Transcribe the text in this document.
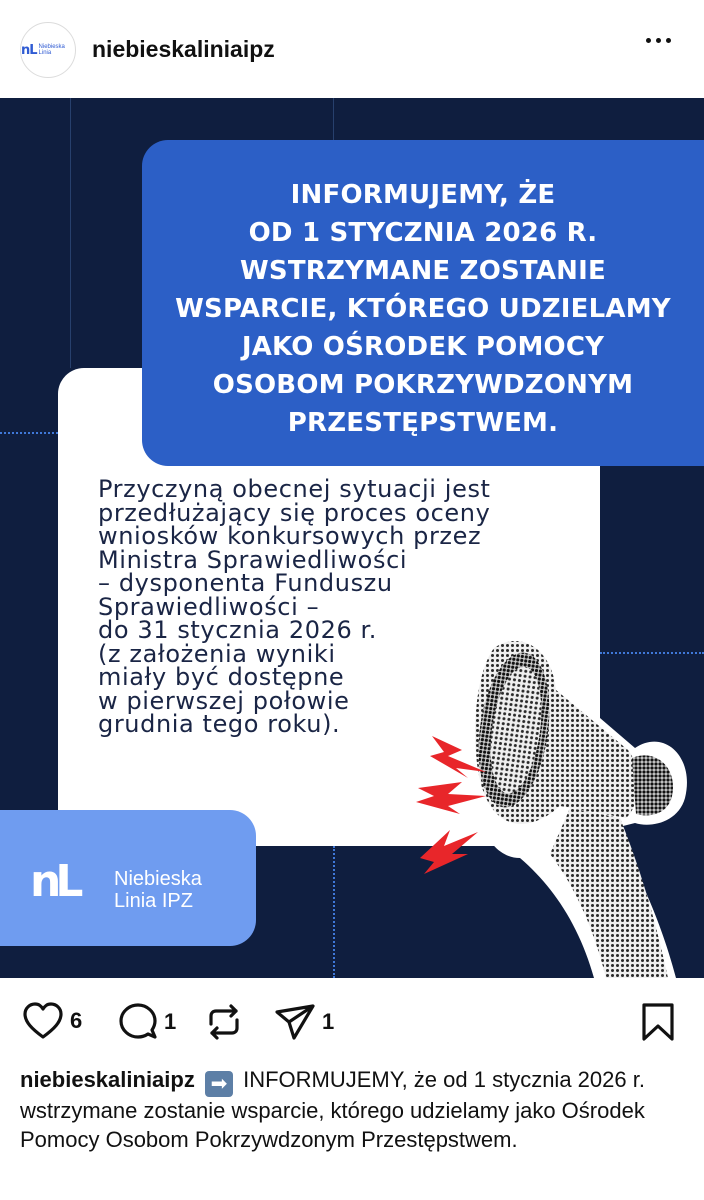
nL Niebieska Linia	niebieskaliniaipz
INFORMUJEMY, ŻE
OD 1 STYCZNIA 2026 R.
WSTRZYMANE ZOSTANIE
WSPARCIE, KTÓREGO UDZIELAMY
JAKO OŚRODEK POMOCY
OSOBOM POKRZYWDZONYM
PRZESTĘPSTWEM.
Przyczyną obecnej sytuacji jest
przedłużający się proces oceny
wniosków konkursowych przez
Ministra Sprawiedliwości
– dysponenta Funduszu
Sprawiedliwości –
do 31 stycznia 2026 r.
(z założenia wyniki
miały być dostępne
w pierwszej połowie
grudnia tego roku).
nL Niebieska
Linia IPZ
6	1	1
niebieskaliniaipz ➡ INFORMUJEMY, że od 1 stycznia 2026 r. wstrzymane zostanie wsparcie, którego udzielamy jako Ośrodek Pomocy Osobom Pokrzywdzonym Przestępstwem.
